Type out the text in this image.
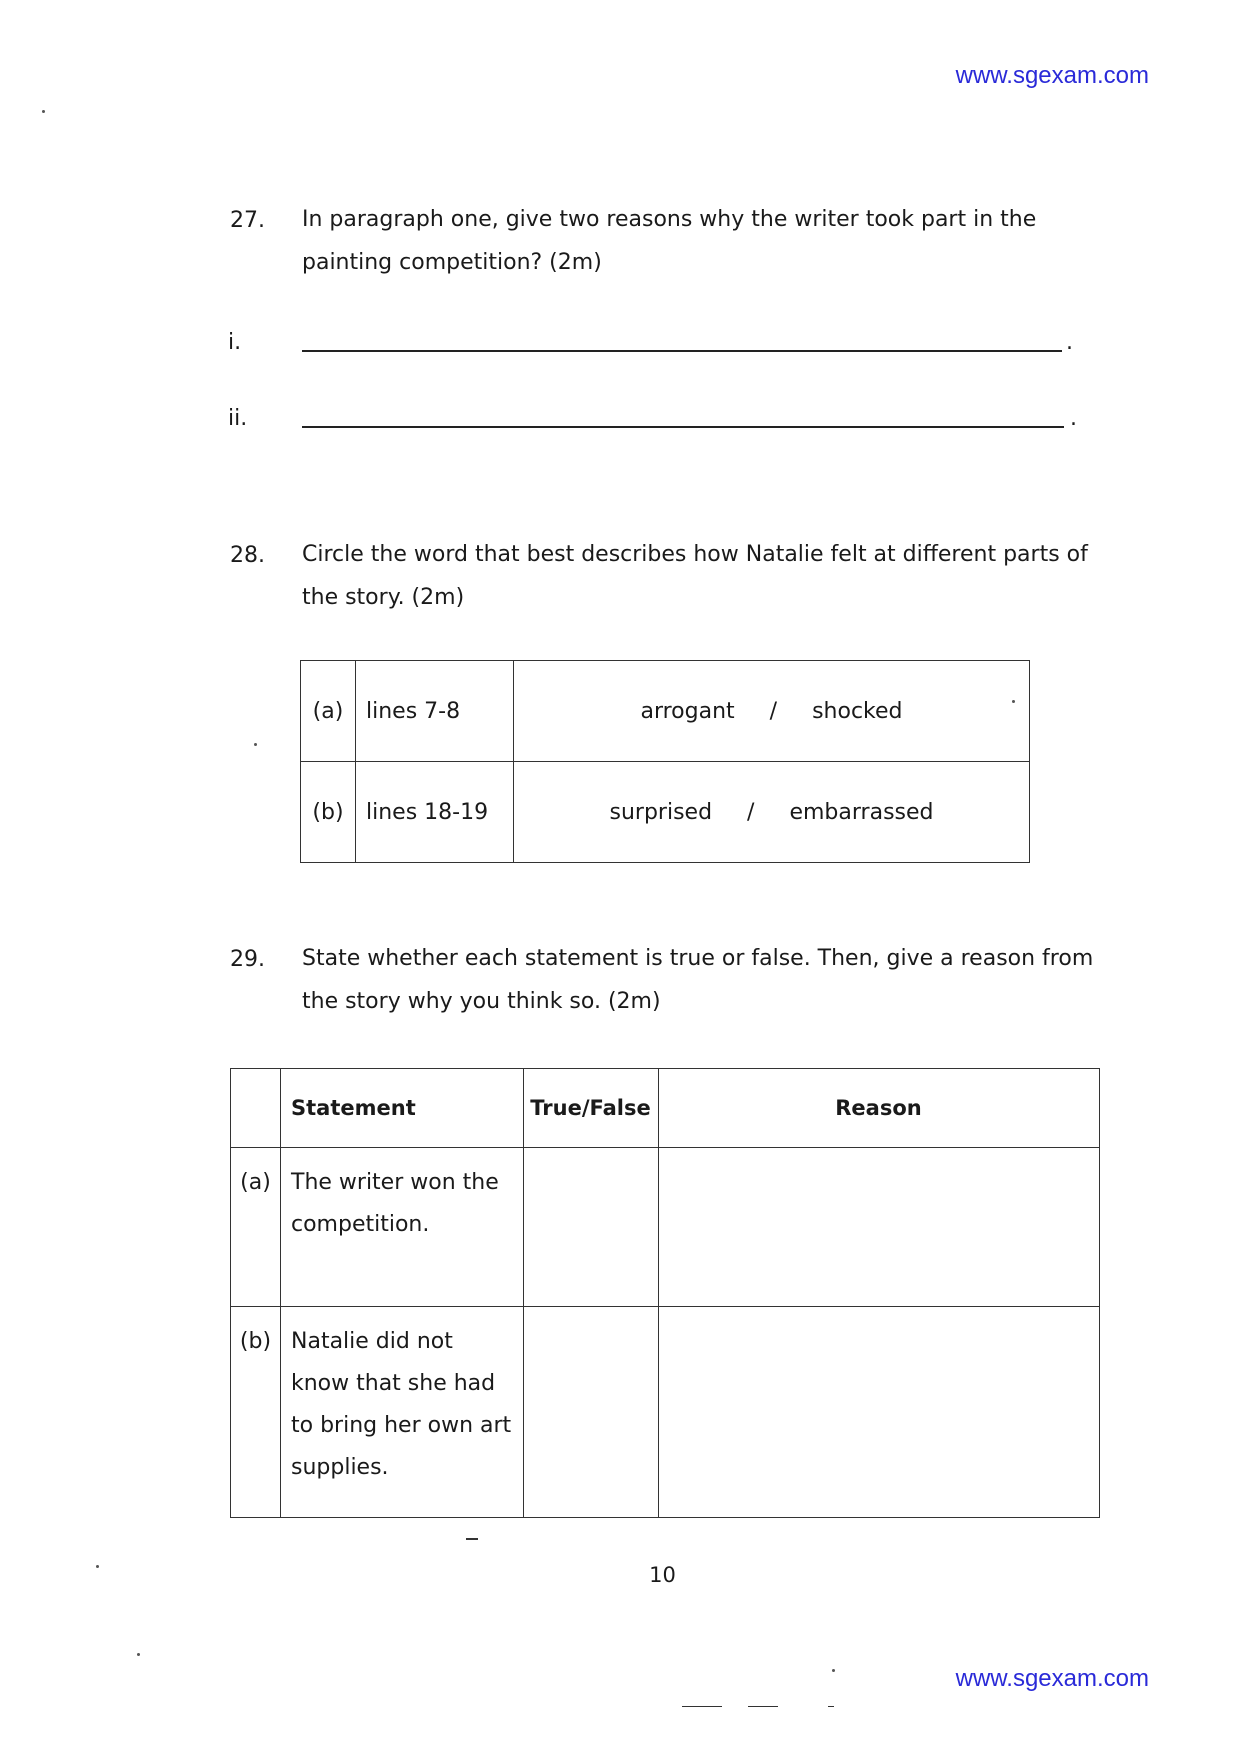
www.sgexam.com
27. In paragraph one, give two reasons why the writer took part in the painting competition? (2m)
i.	.
ii.	.
28. Circle the word that best describes how Natalie felt at different parts of the story. (2m)
(a)	lines 7-8	arrogant / shocked
(b)	lines 18-19	surprised / embarrassed
29. State whether each statement is true or false. Then, give a reason from the story why you think so. (2m)
	Statement	True/False	Reason
(a)	The writer won the competition.		
(b)	Natalie did not know that she had to bring her own art supplies.		
10
www.sgexam.com
